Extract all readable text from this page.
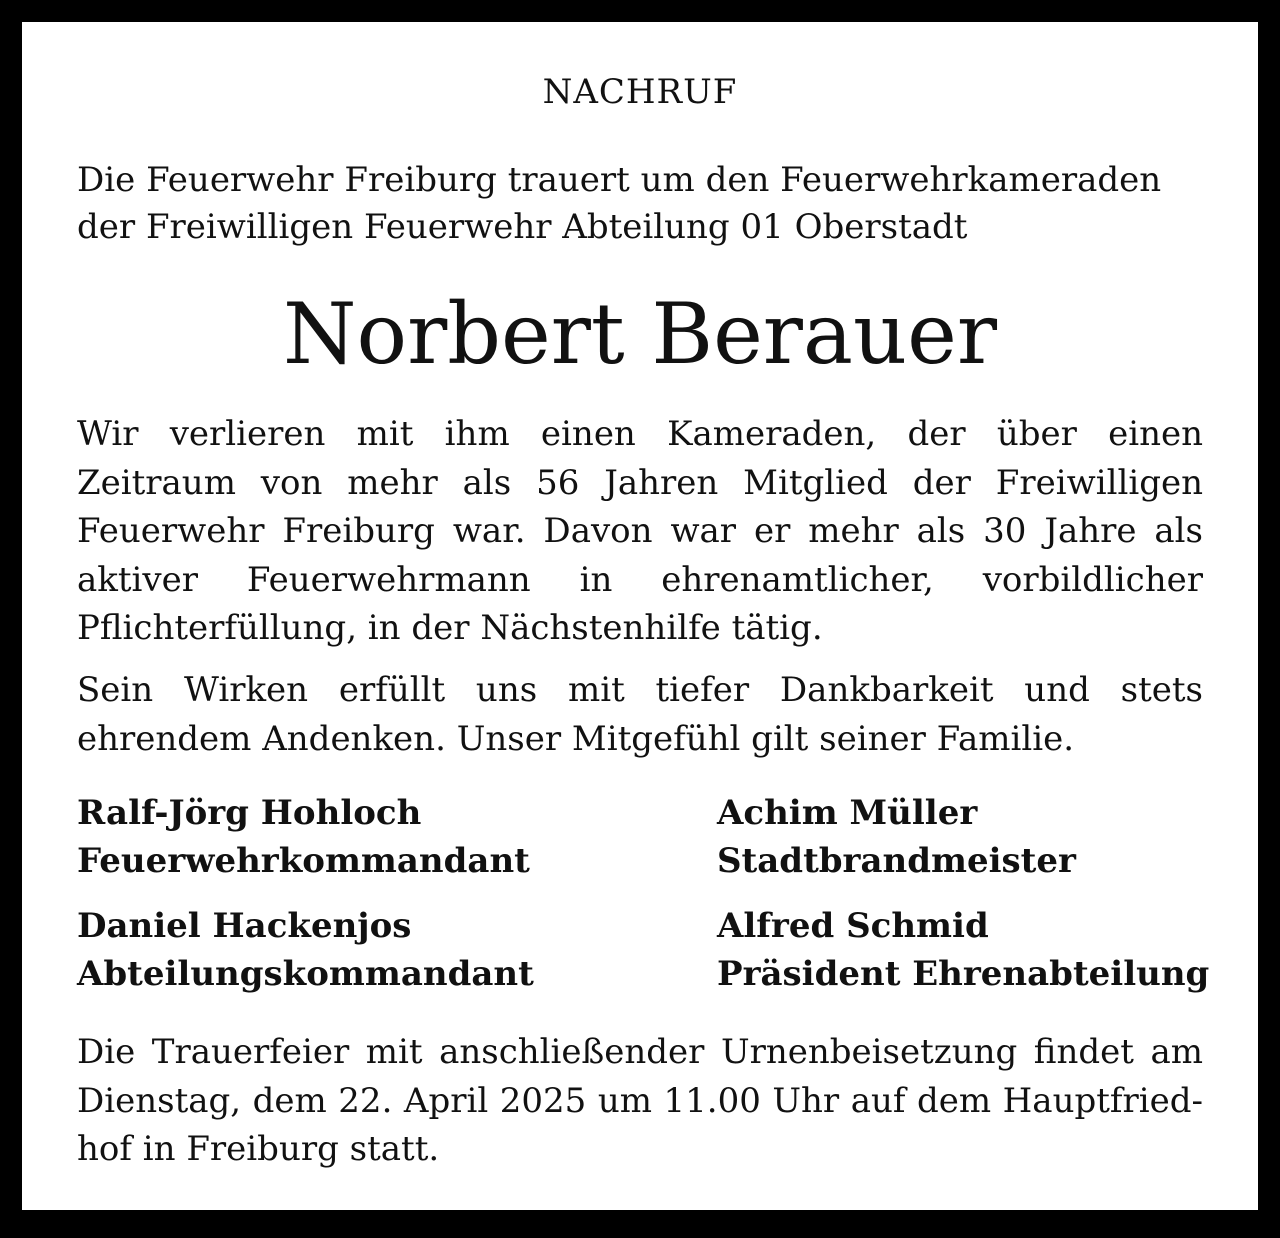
NACHRUF
Die Feuerwehr Freiburg trauert um den Feuerwehrkameraden der Freiwilligen Feuerwehr Abteilung 01 Oberstadt
Norbert Berauer
Wir verlieren mit ihm einen Kameraden, der über einen Zeitraum von mehr als 56 Jahren Mitglied der Freiwilligen Feuerwehr Freiburg war. Davon war er mehr als 30 Jahre als aktiver Feuerwehrmann in ehrenamtlicher, vorbildlicher Pflichterfüllung, in der Nächstenhilfe tätig.
Sein Wirken erfüllt uns mit tiefer Dankbarkeit und stets ehrendem Andenken. Unser Mitgefühl gilt seiner Familie.
Ralf-Jörg Hohloch
Feuerwehrkommandant
Achim Müller
Stadtbrandmeister
Daniel Hackenjos
Abteilungskommandant
Alfred Schmid
Präsident Ehrenabteilung
Die Trauerfeier mit anschließender Urnenbeisetzung findet am Dienstag, dem 22. April 2025 um 11.00 Uhr auf dem Hauptfriedhof in Freiburg statt.
